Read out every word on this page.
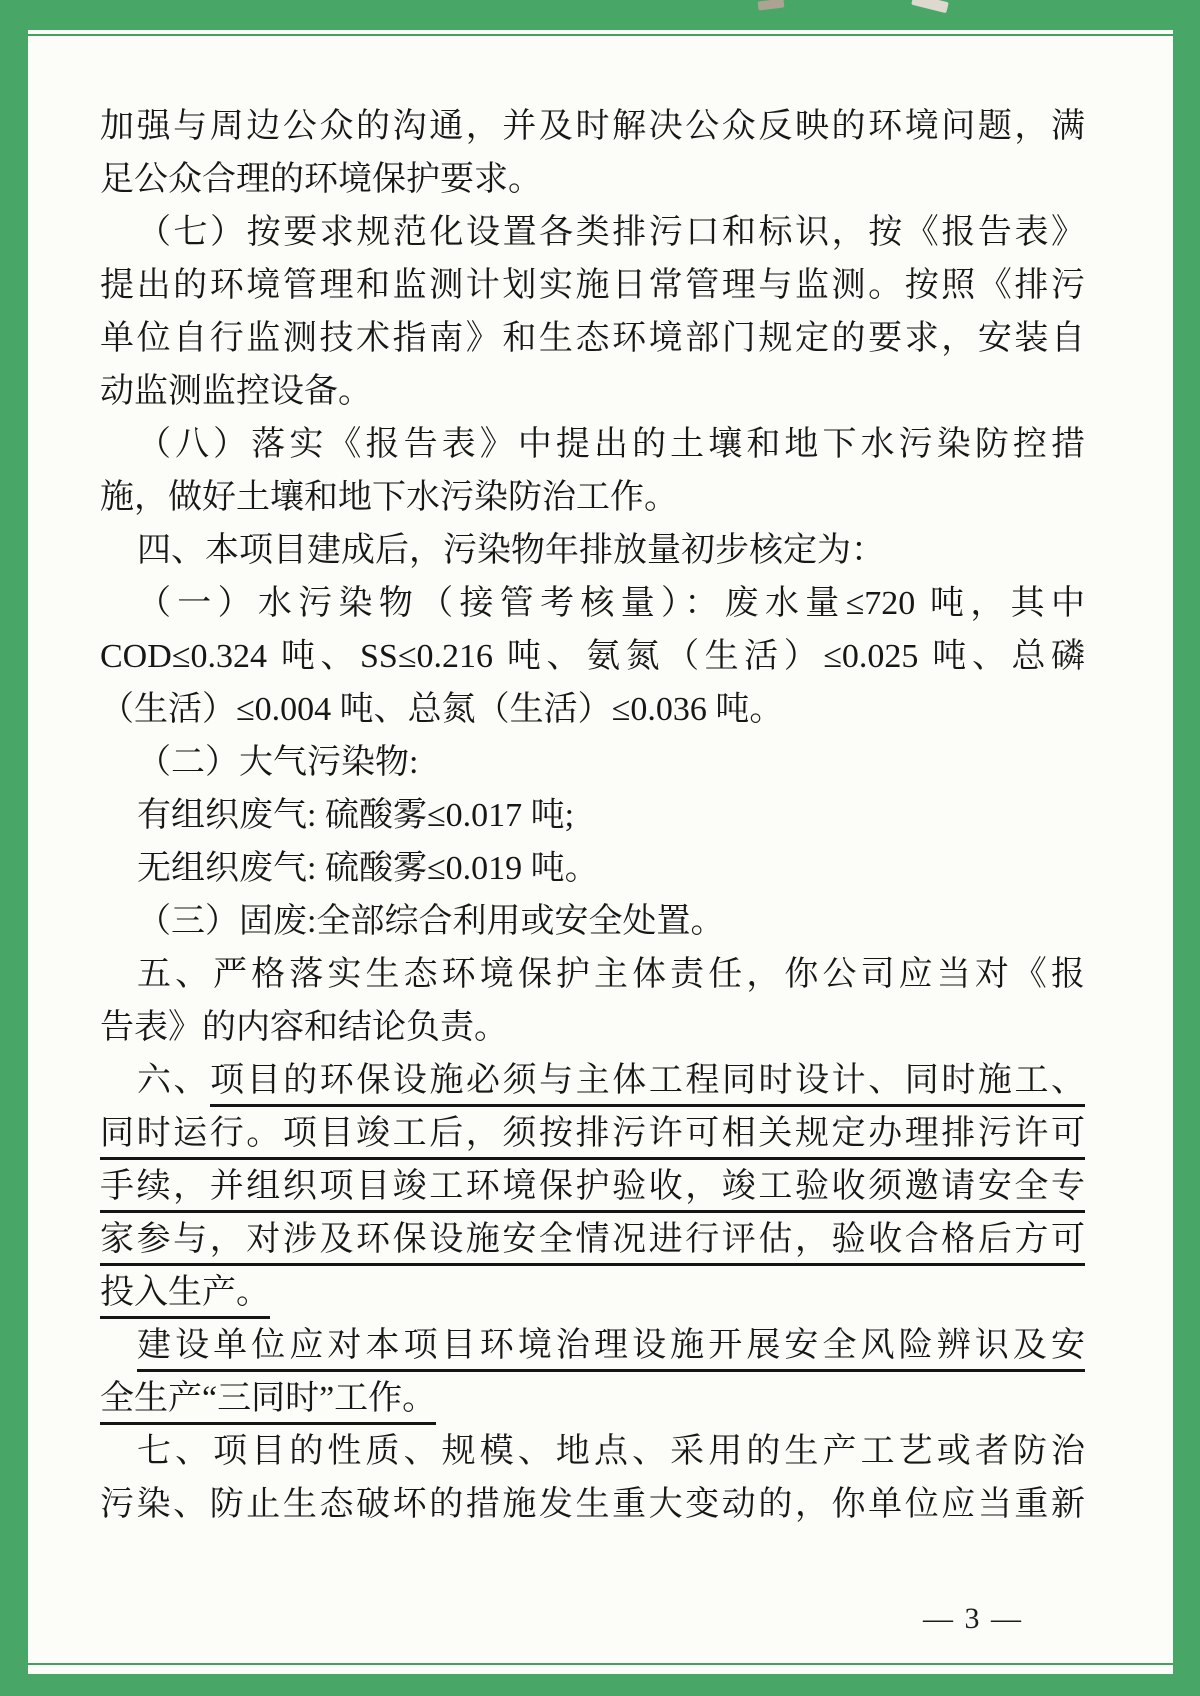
加强与周边公众的沟通，并及时解决公众反映的环境问题，满
足公众合理的环境保护要求。
（七）按要求规范化设置各类排污口和标识，按《报告表》
提出的环境管理和监测计划实施日常管理与监测。按照《排污
单位自行监测技术指南》和生态环境部门规定的要求，安装自
动监测监控设备。
（八）落实《报告表》中提出的土壤和地下水污染防控措
施，做好土壤和地下水污染防治工作。
四、本项目建成后，污染物年排放量初步核定为：
（一）水污染物（接管考核量）：废水量≤720 吨，其中
COD≤0.324 吨、SS≤0.216 吨、氨氮（生活）≤0.025 吨、总磷
（生活）≤0.004 吨、总氮（生活）≤0.036 吨。
（二）大气污染物:
有组织废气: 硫酸雾≤0.017 吨;
无组织废气: 硫酸雾≤0.019 吨。
（三）固废:全部综合利用或安全处置。
五、严格落实生态环境保护主体责任，你公司应当对《报
告表》的内容和结论负责。
六、项目的环保设施必须与主体工程同时设计、同时施工、
同时运行。项目竣工后，须按排污许可相关规定办理排污许可
手续，并组织项目竣工环境保护验收，竣工验收须邀请安全专
家参与，对涉及环保设施安全情况进行评估，验收合格后方可
投入生产。
建设单位应对本项目环境治理设施开展安全风险辨识及安
全生产“三同时”工作。
七、项目的性质、规模、地点、采用的生产工艺或者防治
污染、防止生态破坏的措施发生重大变动的，你单位应当重新
— 3 —
